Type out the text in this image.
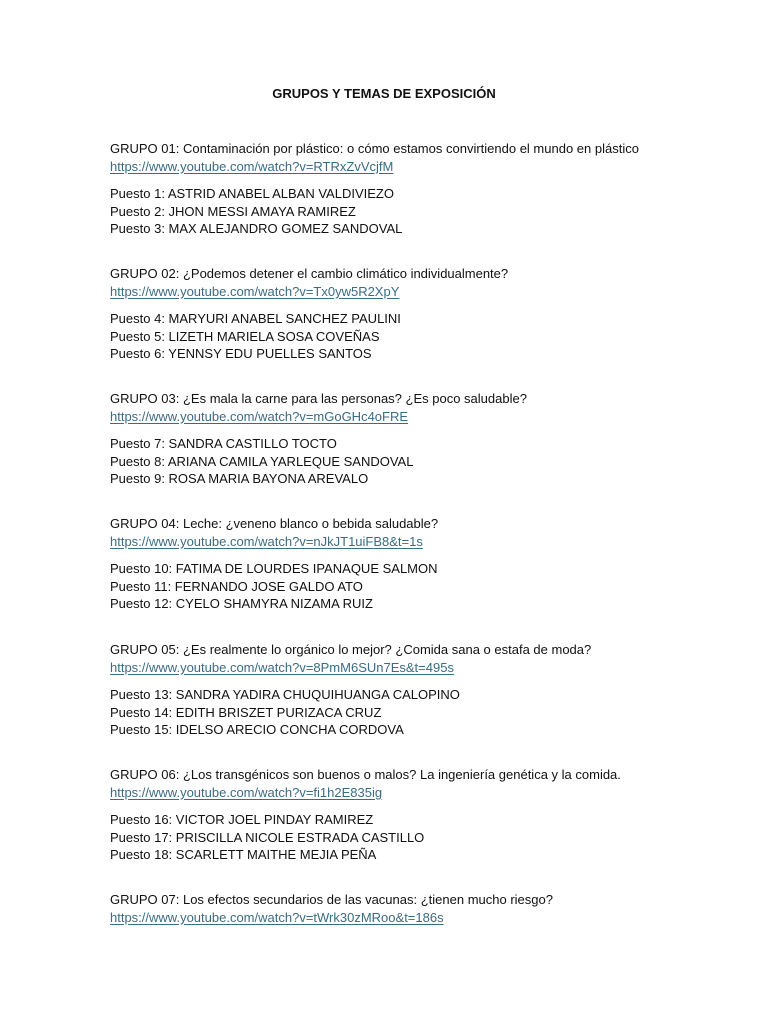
GRUPOS Y TEMAS DE EXPOSICIÓN
GRUPO 01: Contaminación por plástico: o cómo estamos convirtiendo el mundo en plástico https://www.youtube.com/watch?v=RTRxZvVcjfM
Puesto 1: ASTRID ANABEL ALBAN VALDIVIEZO
Puesto 2: JHON MESSI AMAYA RAMIREZ
Puesto 3: MAX ALEJANDRO GOMEZ SANDOVAL
GRUPO 02: ¿Podemos detener el cambio climático individualmente?
https://www.youtube.com/watch?v=Tx0yw5R2XpY
Puesto 4: MARYURI ANABEL SANCHEZ PAULINI
Puesto 5: LIZETH MARIELA SOSA COVEÑAS
Puesto 6: YENNSY EDU PUELLES SANTOS
GRUPO 03: ¿Es mala la carne para las personas? ¿Es poco saludable?
https://www.youtube.com/watch?v=mGoGHc4oFRE
Puesto 7: SANDRA CASTILLO TOCTO
Puesto 8: ARIANA CAMILA YARLEQUE SANDOVAL
Puesto 9: ROSA MARIA BAYONA AREVALO
GRUPO 04: Leche: ¿veneno blanco o bebida saludable?
https://www.youtube.com/watch?v=nJkJT1uiFB8&t=1s
Puesto 10: FATIMA DE LOURDES IPANAQUE SALMON
Puesto 11: FERNANDO JOSE GALDO ATO
Puesto 12: CYELO SHAMYRA NIZAMA RUIZ
GRUPO 05: ¿Es realmente lo orgánico lo mejor? ¿Comida sana o estafa de moda?
https://www.youtube.com/watch?v=8PmM6SUn7Es&t=495s
Puesto 13: SANDRA YADIRA CHUQUIHUANGA CALOPINO
Puesto 14: EDITH BRISZET PURIZACA CRUZ
Puesto 15: IDELSO ARECIO CONCHA CORDOVA
GRUPO 06: ¿Los transgénicos son buenos o malos? La ingeniería genética y la comida.
https://www.youtube.com/watch?v=fi1h2E835ig
Puesto 16: VICTOR JOEL PINDAY RAMIREZ
Puesto 17: PRISCILLA NICOLE ESTRADA CASTILLO
Puesto 18: SCARLETT MAITHE MEJIA PEÑA
GRUPO 07: Los efectos secundarios de las vacunas: ¿tienen mucho riesgo?
https://www.youtube.com/watch?v=tWrk30zMRoo&t=186s
